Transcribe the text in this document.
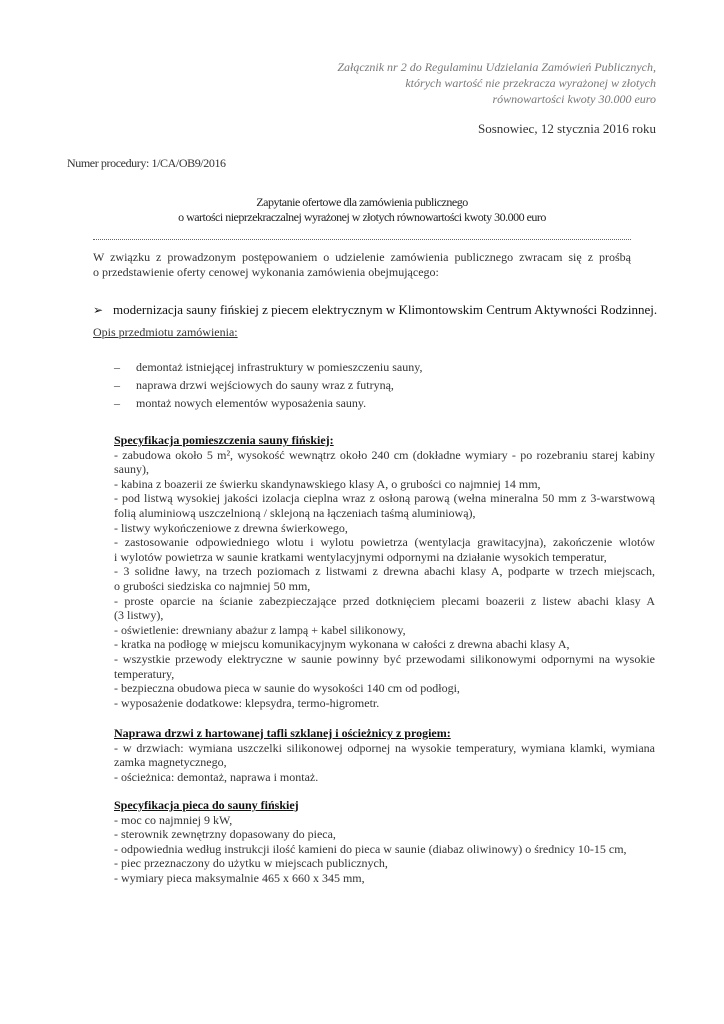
Załącznik nr 2 do Regulaminu Udzielania Zamówień Publicznych,
których wartość nie przekracza wyrażonej w złotych
równowartości kwoty 30.000 euro
Sosnowiec, 12 stycznia 2016 roku
Numer procedury: 1/CA/OB9/2016
Zapytanie ofertowe dla zamówienia publicznego
o wartości nieprzekraczalnej wyrażonej w złotych równowartości kwoty 30.000 euro
W związku z prowadzonym postępowaniem o udzielenie zamówienia publicznego zwracam się z prośbą
o przedstawienie oferty cenowej wykonania zamówienia obejmującego:
➢ modernizacja sauny fińskiej z piecem elektrycznym w Klimontowskim Centrum Aktywności Rodzinnej.
Opis przedmiotu zamówienia:
– demontaż istniejącej infrastruktury w pomieszczeniu sauny,
– naprawa drzwi wejściowych do sauny wraz z futryną,
– montaż nowych elementów wyposażenia sauny.
Specyfikacja pomieszczenia sauny fińskiej:
- zabudowa około 5 m², wysokość wewnątrz około 240 cm (dokładne wymiary - po rozebraniu starej kabiny
sauny),
- kabina z boazerii ze świerku skandynawskiego klasy A, o grubości co najmniej 14 mm,
- pod listwą wysokiej jakości izolacja cieplna wraz z osłoną parową (wełna mineralna 50 mm z 3-warstwową
folią aluminiową uszczelnioną / sklejoną na łączeniach taśmą aluminiową),
- listwy wykończeniowe z drewna świerkowego,
- zastosowanie odpowiedniego wlotu i wylotu powietrza (wentylacja grawitacyjna), zakończenie wlotów
i wylotów powietrza w saunie kratkami wentylacyjnymi odpornymi na działanie wysokich temperatur,
- 3 solidne ławy, na trzech poziomach z listwami z drewna abachi klasy A, podparte w trzech miejscach,
o grubości siedziska co najmniej 50 mm,
- proste oparcie na ścianie zabezpieczające przed dotknięciem plecami boazerii z listew abachi klasy A
(3 listwy),
- oświetlenie: drewniany abażur z lampą + kabel silikonowy,
- kratka na podłogę w miejscu komunikacyjnym wykonana w całości z drewna abachi klasy A,
- wszystkie przewody elektryczne w saunie powinny być przewodami silikonowymi odpornymi na wysokie
temperatury,
- bezpieczna obudowa pieca w saunie do wysokości 140 cm od podłogi,
- wyposażenie dodatkowe: klepsydra, termo-higrometr.
Naprawa drzwi z hartowanej tafli szklanej i ościeżnicy z progiem:
- w drzwiach: wymiana uszczelki silikonowej odpornej na wysokie temperatury, wymiana klamki, wymiana
zamka magnetycznego,
- ościeżnica: demontaż, naprawa i montaż.
Specyfikacja pieca do sauny fińskiej
- moc co najmniej 9 kW,
- sterownik zewnętrzny dopasowany do pieca,
- odpowiednia według instrukcji ilość kamieni do pieca w saunie (diabaz oliwinowy) o średnicy 10-15 cm,
- piec przeznaczony do użytku w miejscach publicznych,
- wymiary pieca maksymalnie 465 x 660 x 345 mm,
